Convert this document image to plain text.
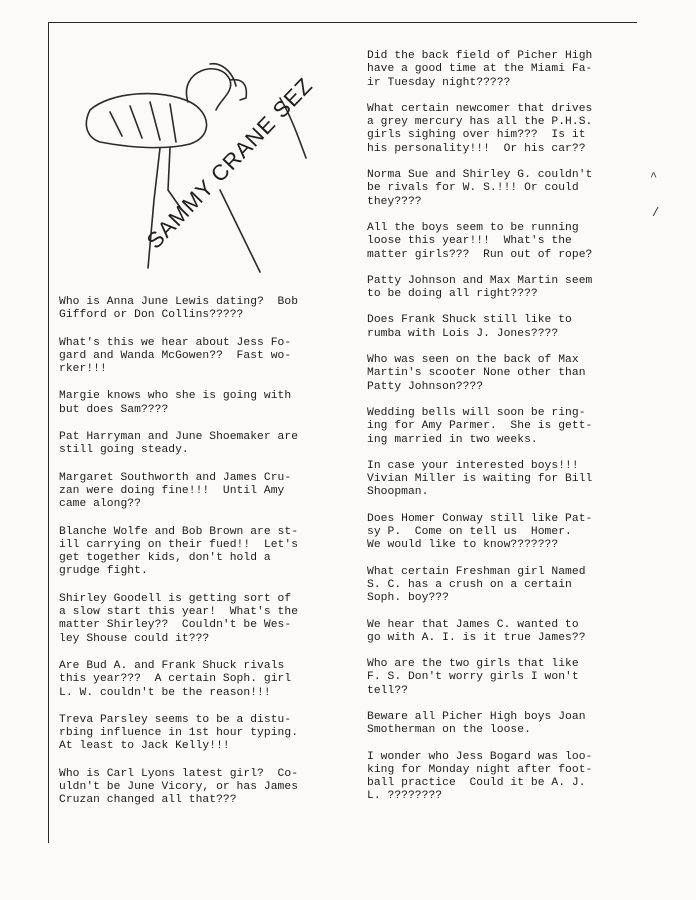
SAMMY CRANE SEZ

Who is Anna June Lewis dating?  Bob
Gifford or Don Collins?????

What's this we hear about Jess Fo-
gard and Wanda McGowen??  Fast wo-
rker!!!

Margie knows who she is going with
but does Sam????

Pat Harryman and June Shoemaker are
still going steady.

Margaret Southworth and James Cru-
zan were doing fine!!!  Until Amy
came along??

Blanche Wolfe and Bob Brown are st-
ill carrying on their fued!!  Let's
get together kids, don't hold a
grudge fight.

Shirley Goodell is getting sort of
a slow start this year!  What's the
matter Shirley??  Couldn't be Wes-
ley Shouse could it???

Are Bud A. and Frank Shuck rivals
this year???  A certain Soph. girl
L. W. couldn't be the reason!!!

Treva Parsley seems to be a distu-
rbing influence in 1st hour typing.
At least to Jack Kelly!!!

Who is Carl Lyons latest girl?  Co-
uldn't be June Vicory, or has James
Cruzan changed all that???

Did the back field of Picher High
have a good time at the Miami Fa-
ir Tuesday night?????

What certain newcomer that drives
a grey mercury has all the P.H.S.
girls sighing over him???  Is it
his personality!!!  Or his car??

Norma Sue and Shirley G. couldn't
be rivals for W. S.!!! Or could
they????

All the boys seem to be running
loose this year!!!  What's the
matter girls???  Run out of rope?

Patty Johnson and Max Martin seem
to be doing all right????

Does Frank Shuck still like to
rumba with Lois J. Jones????

Who was seen on the back of Max
Martin's scooter None other than
Patty Johnson????

Wedding bells will soon be ring-
ing for Amy Parmer.  She is gett-
ing married in two weeks.

In case your interested boys!!!
Vivian Miller is waiting for Bill
Shoopman.

Does Homer Conway still like Pat-
sy P.  Come on tell us  Homer.
We would like to know???????

What certain Freshman girl Named
S. C. has a crush on a certain
Soph. boy???

We hear that James C. wanted to
go with A. I. is it true James??

Who are the two girls that like
F. S. Don't worry girls I won't
tell??

Beware all Picher High boys Joan
Smotherman on the loose.

I wonder who Jess Bogard was loo-
king for Monday night after foot-
ball practice  Could it be A. J.
L. ????????

^
/
